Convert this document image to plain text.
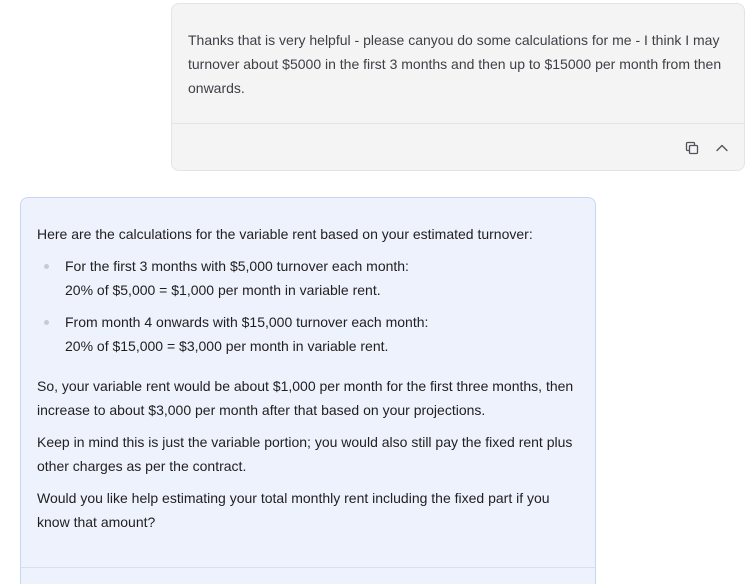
Thanks that is very helpful - please canyou do some calculations for me - I think I may turnover about $5000 in the first 3 months and then up to $15000 per month from then onwards.

Here are the calculations for the variable rent based on your estimated turnover:

For the first 3 months with $5,000 turnover each month:
20% of $5,000 = $1,000 per month in variable rent.
From month 4 onwards with $15,000 turnover each month:
20% of $15,000 = $3,000 per month in variable rent.

So, your variable rent would be about $1,000 per month for the first three months, then increase to about $3,000 per month after that based on your projections.

Keep in mind this is just the variable portion; you would also still pay the fixed rent plus other charges as per the contract.

Would you like help estimating your total monthly rent including the fixed part if you know that amount?
